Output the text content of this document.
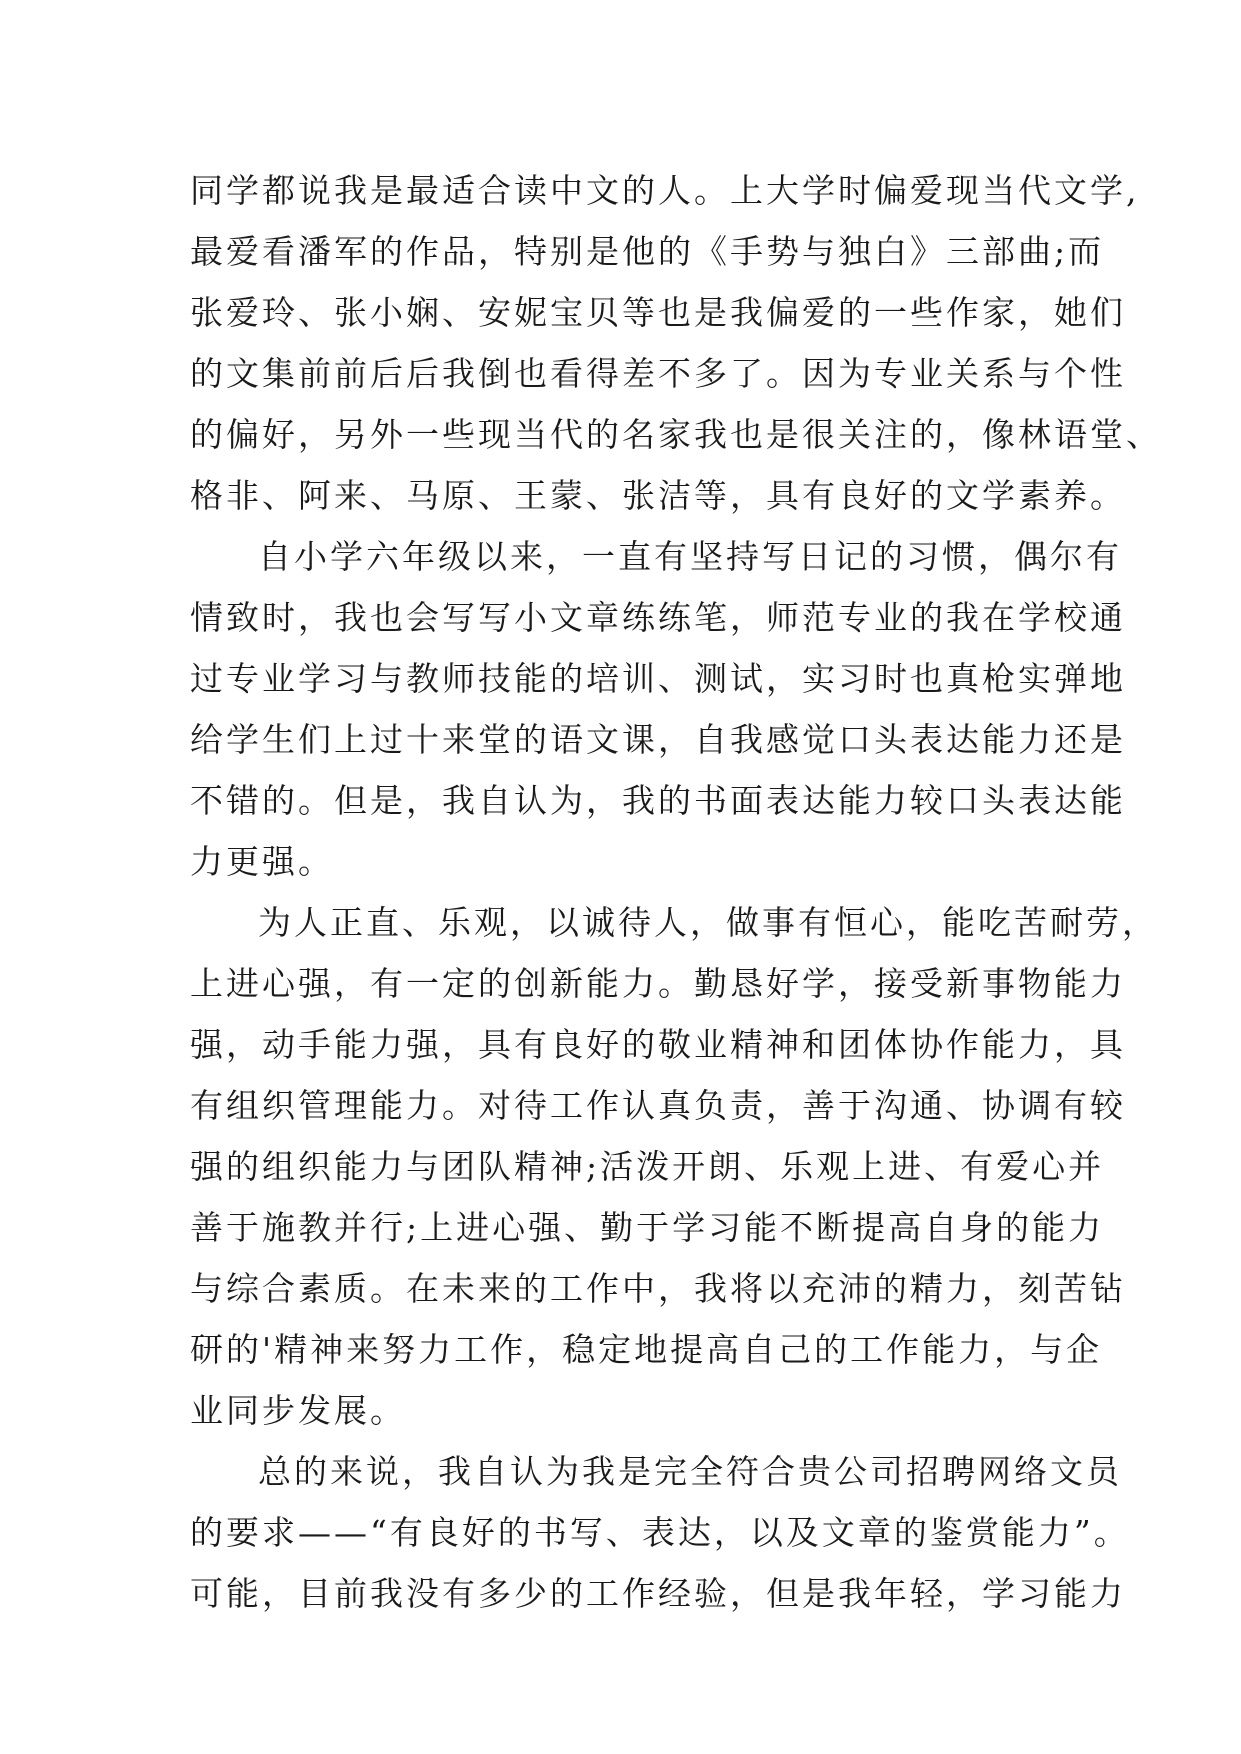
同学都说我是最适合读中文的人。上大学时偏爱现当代文学,
最爱看潘军的作品，特别是他的《手势与独白》三部曲;而
张爱玲、张小娴、安妮宝贝等也是我偏爱的一些作家，她们
的文集前前后后我倒也看得差不多了。因为专业关系与个性
的偏好，另外一些现当代的名家我也是很关注的，像林语堂、
格非、阿来、马原、王蒙、张洁等，具有良好的文学素养。
自小学六年级以来，一直有坚持写日记的习惯，偶尔有
情致时，我也会写写小文章练练笔，师范专业的我在学校通
过专业学习与教师技能的培训、测试，实习时也真枪实弹地
给学生们上过十来堂的语文课，自我感觉口头表达能力还是
不错的。但是，我自认为，我的书面表达能力较口头表达能
力更强。
为人正直、乐观，以诚待人，做事有恒心，能吃苦耐劳，
上进心强，有一定的创新能力。勤恳好学，接受新事物能力
强，动手能力强，具有良好的敬业精神和团体协作能力，具
有组织管理能力。对待工作认真负责，善于沟通、协调有较
强的组织能力与团队精神;活泼开朗、乐观上进、有爱心并
善于施教并行;上进心强、勤于学习能不断提高自身的能力
与综合素质。在未来的工作中，我将以充沛的精力，刻苦钻
研的'精神来努力工作，稳定地提高自己的工作能力，与企
业同步发展。
总的来说，我自认为我是完全符合贵公司招聘网络文员
的要求——“有良好的书写、表达，以及文章的鉴赏能力”。
可能，目前我没有多少的工作经验，但是我年轻，学习能力
